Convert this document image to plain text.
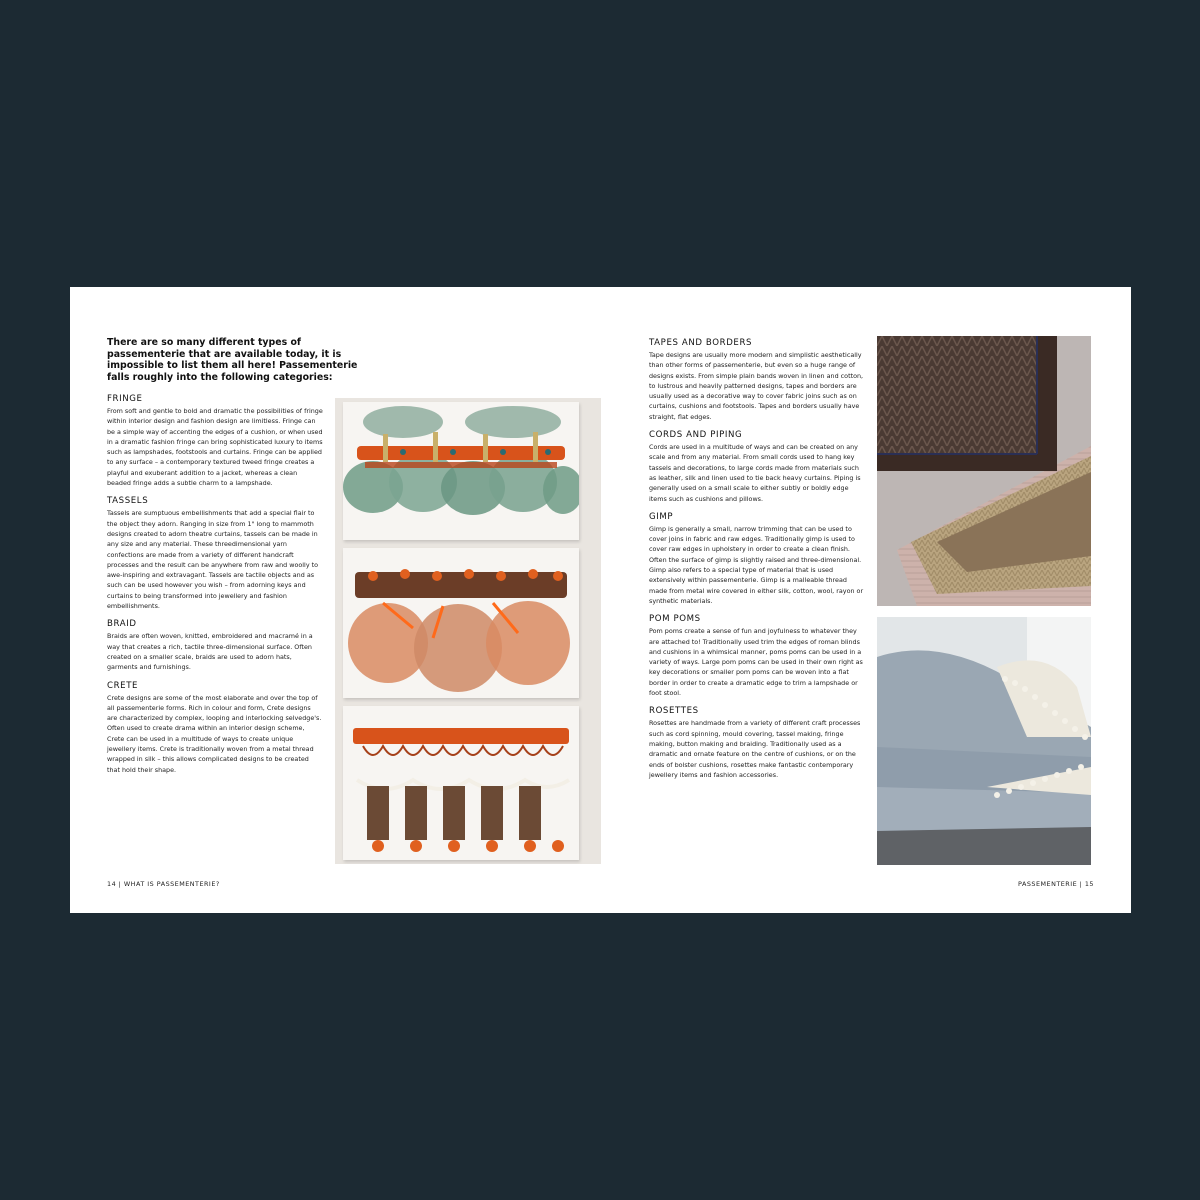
There are so many different types of passementerie that are available today, it is impossible to list them all here! Passementerie falls roughly into the following categories:

FRINGE

From soft and gentle to bold and dramatic the possibilities of fringe within interior design and fashion design are limitless. Fringe can be a simple way of accenting the edges of a cushion, or when used in a dramatic fashion fringe can bring sophisticated luxury to items such as lampshades, footstools and curtains. Fringe can be applied to any surface – a contemporary textured tweed fringe creates a playful and exuberant addition to a jacket, whereas a clean beaded fringe adds a subtle charm to a lampshade.

TASSELS

Tassels are sumptuous embellishments that add a special flair to the object they adorn. Ranging in size from 1" long to mammoth designs created to adorn theatre curtains, tassels can be made in any size and any material. These threedimensional yarn confections are made from a variety of different handcraft processes and the result can be anywhere from raw and woolly to awe-inspiring and extravagant. Tassels are tactile objects and as such can be used however you wish – from adorning keys and curtains to being transformed into jewellery and fashion embellishments.

BRAID

Braids are often woven, knitted, embroidered and macramé in a way that creates a rich, tactile three-dimensional surface. Often created on a smaller scale, braids are used to adorn hats, garments and furnishings.

CRETE

Crete designs are some of the most elaborate and over the top of all passementerie forms. Rich in colour and form, Crete designs are characterized by complex, looping and interlocking selvedge's. Often used to create drama within an interior design scheme, Crete can be used in a multitude of ways to create unique jewellery items. Crete is traditionally woven from a metal thread wrapped in silk – this allows complicated designs to be created that hold their shape.

14 | WHAT IS PASSEMENTERIE?
TAPES AND BORDERS

Tape designs are usually more modern and simplistic aesthetically than other forms of passementerie, but even so a huge range of designs exists. From simple plain bands woven in linen and cotton, to lustrous and heavily patterned designs, tapes and borders are usually used as a decorative way to cover fabric joins such as on curtains, cushions and footstools. Tapes and borders usually have straight, flat edges.

CORDS AND PIPING

Cords are used in a multitude of ways and can be created on any scale and from any material. From small cords used to hang key tassels and decorations, to large cords made from materials such as leather, silk and linen used to tie back heavy curtains. Piping is generally used on a small scale to either subtly or boldly edge items such as cushions and pillows.

GIMP

Gimp is generally a small, narrow trimming that can be used to cover joins in fabric and raw edges. Traditionally gimp is used to cover raw edges in upholstery in order to create a clean finish. Often the surface of gimp is slightly raised and three-dimensional. Gimp also refers to a special type of material that is used extensively within passementerie. Gimp is a malleable thread made from metal wire covered in either silk, cotton, wool, rayon or synthetic materials.

POM POMS

Pom poms create a sense of fun and joyfulness to whatever they are attached to! Traditionally used trim the edges of roman blinds and cushions in a whimsical manner, poms poms can be used in a variety of ways. Large pom poms can be used in their own right as key decorations or smaller pom poms can be woven into a flat border in order to create a dramatic edge to trim a lampshade or foot stool.

ROSETTES

Rosettes are handmade from a variety of different craft processes such as cord spinning, mould covering, tassel making, fringe making, button making and braiding. Traditionally used as a dramatic and ornate feature on the centre of cushions, or on the ends of bolster cushions, rosettes make fantastic contemporary jewellery items and fashion accessories.

PASSEMENTERIE | 15
